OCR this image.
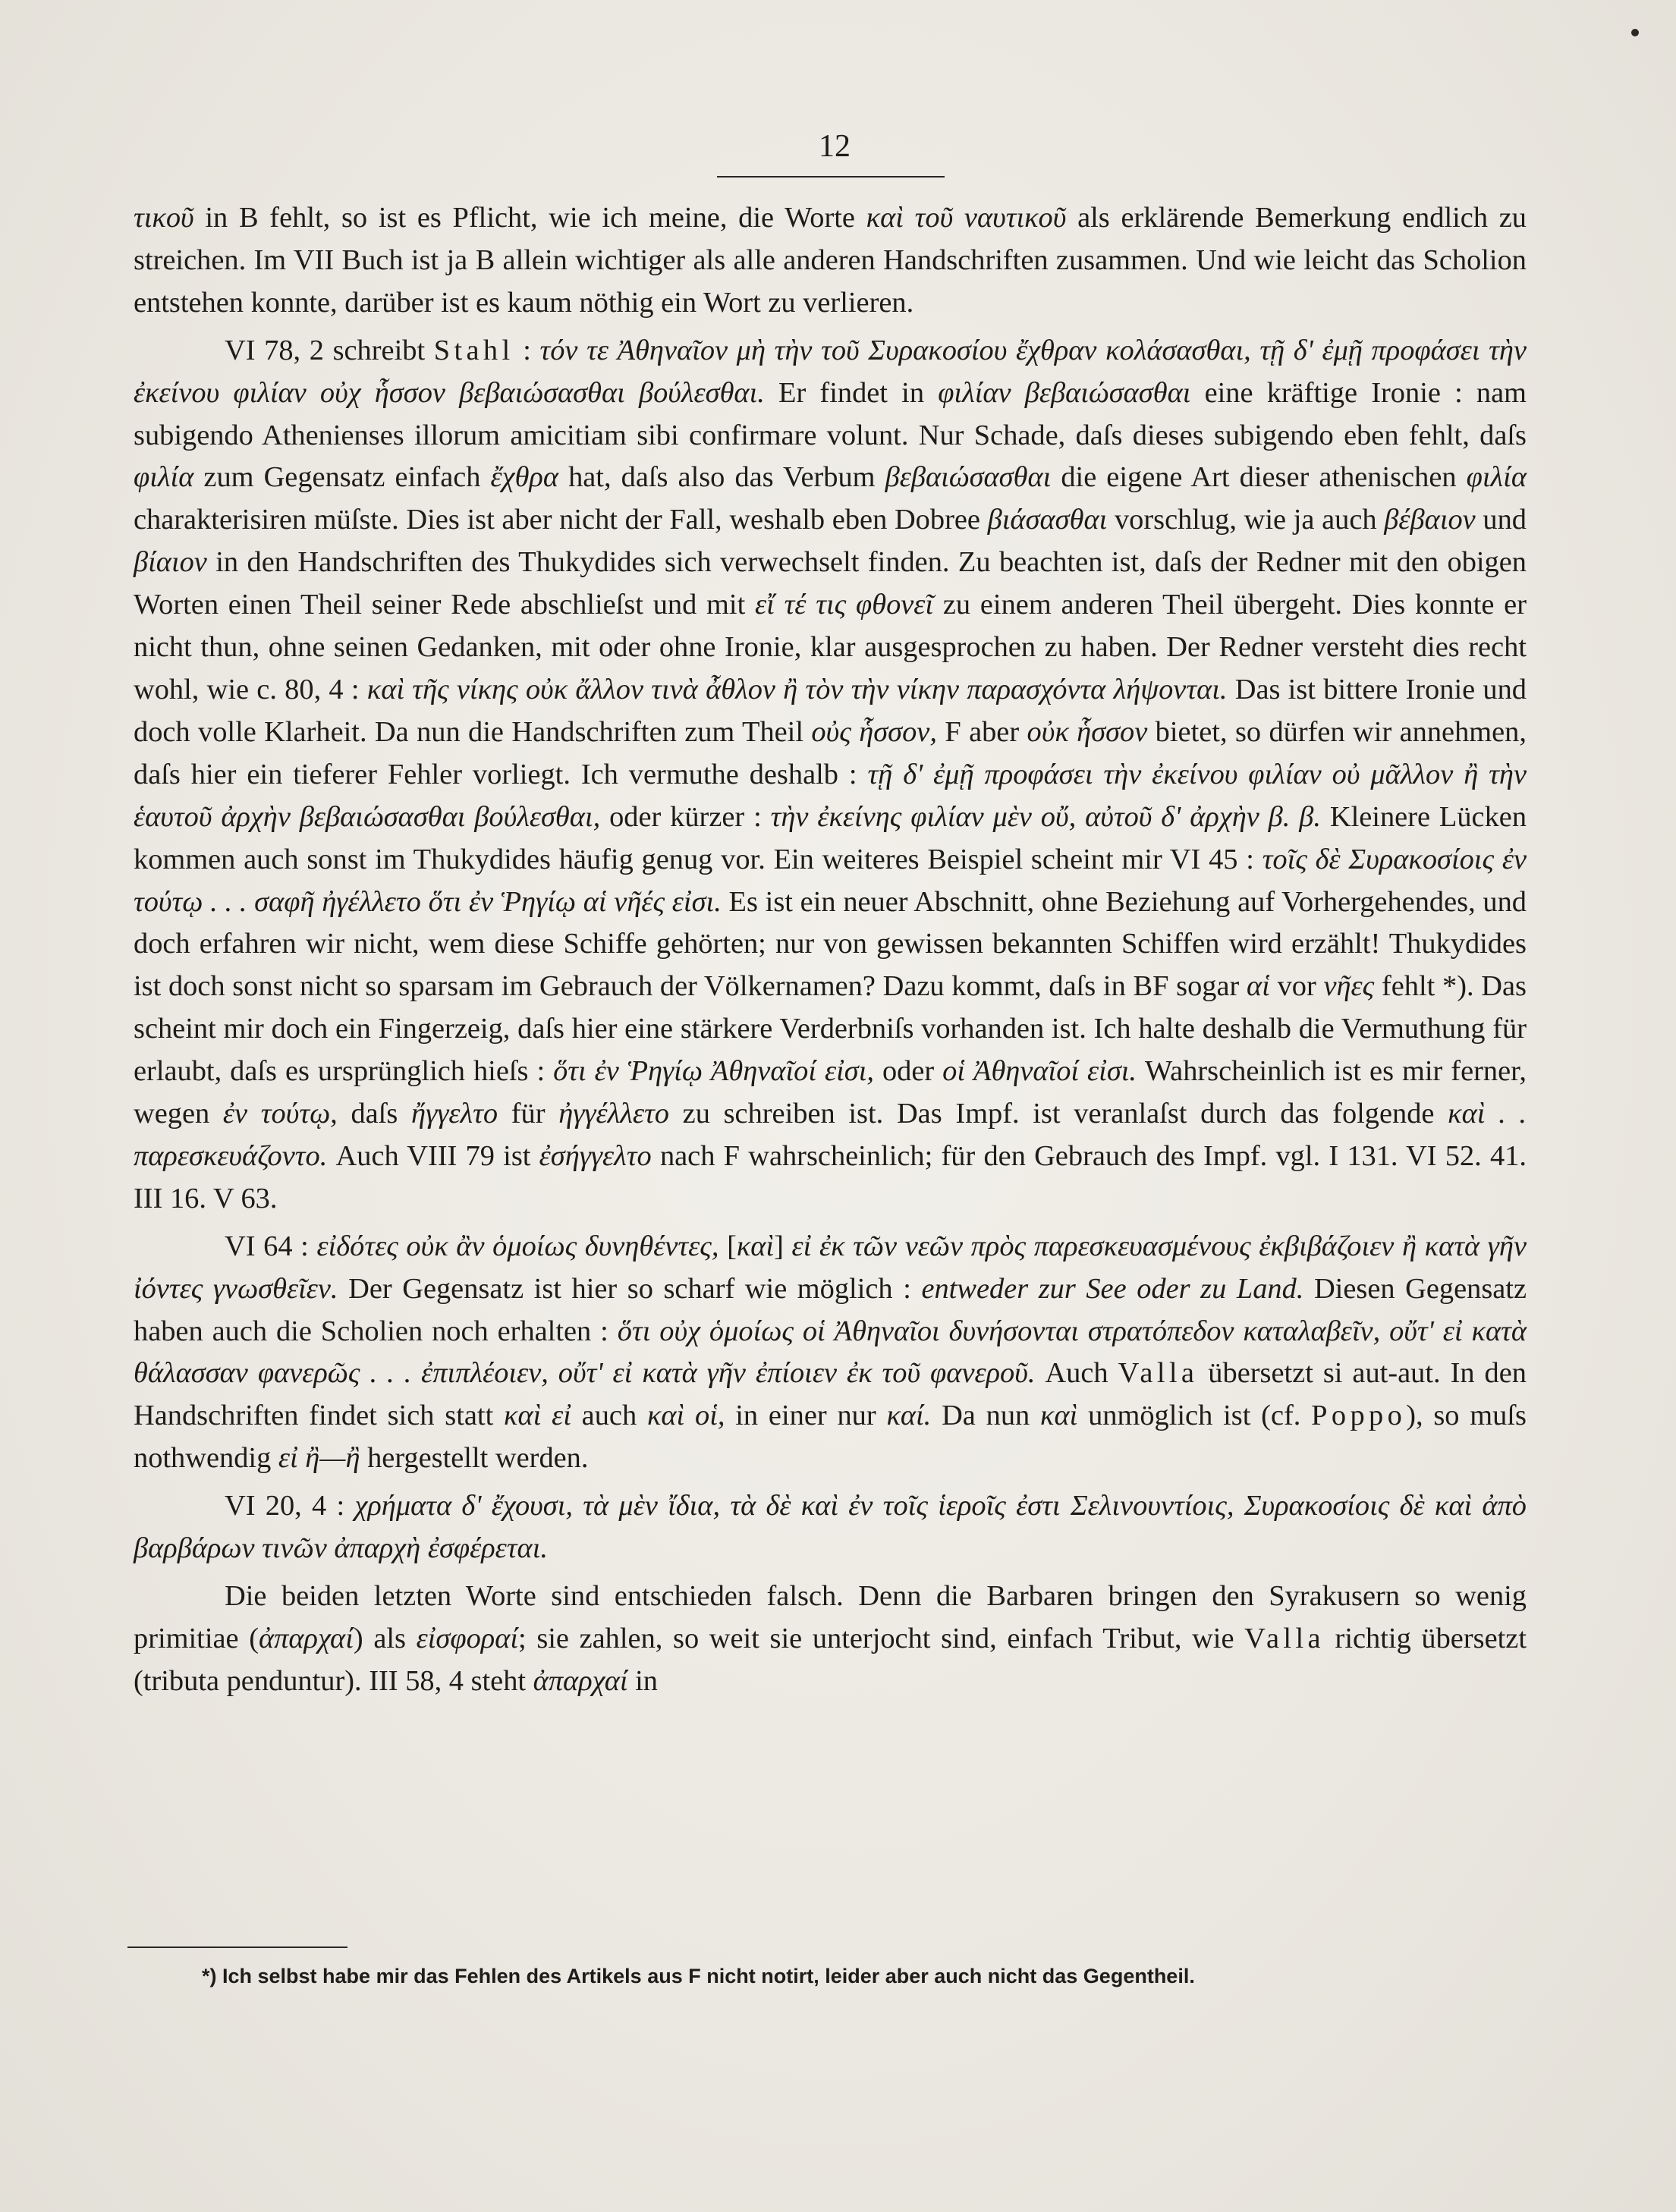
12

τικοῦ in B fehlt, so ist es Pflicht, wie ich meine, die Worte καὶ τοῦ ναυτικοῦ als erklärende Bemerkung endlich zu streichen. Im VII Buch ist ja B allein wichtiger als alle anderen Handschriften zusammen. Und wie leicht das Scholion entstehen konnte, darüber ist es kaum nöthig ein Wort zu verlieren.

VI 78, 2 schreibt Stahl : τόν τε Ἀθηναῖον μὴ τὴν τοῦ Συρακοσίου ἔχθραν κολάσασθαι, τῇ δ' ἐμῇ προφάσει τὴν ἐκείνου φιλίαν οὐχ ἧσσον βεβαιώσασθαι βούλεσθαι. Er findet in φιλίαν βεβαιώσασθαι eine kräftige Ironie : nam subigendo Athenienses illorum amicitiam sibi confirmare volunt. Nur Schade, daſs dieses subigendo eben fehlt, daſs φιλία zum Gegensatz einfach ἔχθρα hat, daſs also das Verbum βεβαιώσασθαι die eigene Art dieser athenischen φιλία charakterisiren müſste. Dies ist aber nicht der Fall, weshalb eben Dobree βιάσασθαι vorschlug, wie ja auch βέβαιον und βίαιον in den Handschriften des Thukydides sich verwechselt finden. Zu beachten ist, daſs der Redner mit den obigen Worten einen Theil seiner Rede abschlieſst und mit εἴ τέ τις φθονεῖ zu einem anderen Theil übergeht. Dies konnte er nicht thun, ohne seinen Gedanken, mit oder ohne Ironie, klar ausgesprochen zu haben. Der Redner versteht dies recht wohl, wie c. 80, 4 : καὶ τῆς νίκης οὐκ ἄλλον τινὰ ἆθλον ἢ τὸν τὴν νίκην παρασχόντα λήψονται. Das ist bittere Ironie und doch volle Klarheit. Da nun die Handschriften zum Theil οὐς ἧσσον, F aber οὐκ ἧσσον bietet, so dürfen wir annehmen, daſs hier ein tieferer Fehler vorliegt. Ich vermuthe deshalb : τῇ δ' ἐμῇ προφάσει τὴν ἐκείνου φιλίαν οὐ μᾶλλον ἢ τὴν ἑαυτοῦ ἀρχὴν βεβαιώσασθαι βούλεσθαι, oder kürzer : τὴν ἐκείνης φιλίαν μὲν οὔ, αὐτοῦ δ' ἀρχὴν β. β. Kleinere Lücken kommen auch sonst im Thukydides häufig genug vor. Ein weiteres Beispiel scheint mir VI 45 : τοῖς δὲ Συρακοσίοις ἐν τούτῳ . . . σαφῆ ἠγέλλετο ὅτι ἐν Ῥηγίῳ αἱ νῆές εἰσι. Es ist ein neuer Abschnitt, ohne Beziehung auf Vorhergehendes, und doch erfahren wir nicht, wem diese Schiffe gehörten; nur von gewissen bekannten Schiffen wird erzählt! Thukydides ist doch sonst nicht so sparsam im Gebrauch der Völkernamen? Dazu kommt, daſs in BF sogar αἱ vor νῆες fehlt *). Das scheint mir doch ein Fingerzeig, daſs hier eine stärkere Verderbniſs vorhanden ist. Ich halte deshalb die Vermuthung für erlaubt, daſs es ursprünglich hieſs : ὅτι ἐν Ῥηγίῳ Ἀθηναῖοί εἰσι, oder οἱ Ἀθηναῖοί εἰσι. Wahrscheinlich ist es mir ferner, wegen ἐν τούτῳ, daſs ἤγγελτο für ἠγγέλλετο zu schreiben ist. Das Impf. ist veranlaſst durch das folgende καὶ . . παρεσκευάζοντο. Auch VIII 79 ist ἐσήγγελτο nach F wahrscheinlich; für den Gebrauch des Impf. vgl. I 131. VI 52. 41. III 16. V 63.

VI 64 : εἰδότες οὐκ ἂν ὁμοίως δυνηθέντες, [καὶ] εἰ ἐκ τῶν νεῶν πρὸς παρεσκευασμένους ἐκβιβάζοιεν ἢ κατὰ γῆν ἰόντες γνωσθεῖεν. Der Gegensatz ist hier so scharf wie möglich : entweder zur See oder zu Land. Diesen Gegensatz haben auch die Scholien noch erhalten : ὅτι οὐχ ὁμοίως οἱ Ἀθηναῖοι δυνήσονται στρατόπεδον καταλαβεῖν, οὔτ' εἰ κατὰ θάλασσαν φανερῶς . . . ἐπιπλέοιεν, οὔτ' εἰ κατὰ γῆν ἐπίοιεν ἐκ τοῦ φανεροῦ. Auch Valla übersetzt si aut-aut. In den Handschriften findet sich statt καὶ εἰ auch καὶ οἱ, in einer nur καί. Da nun καὶ unmöglich ist (cf. Poppo), so muſs nothwendig εἰ ἢ—ἢ hergestellt werden.

VI 20, 4 : χρήματα δ' ἔχουσι, τὰ μὲν ἴδια, τὰ δὲ καὶ ἐν τοῖς ἱεροῖς ἐστι Σελινουντίοις, Συρακοσίοις δὲ καὶ ἀπὸ βαρβάρων τινῶν ἀπαρχὴ ἐσφέρεται.

Die beiden letzten Worte sind entschieden falsch. Denn die Barbaren bringen den Syrakusern so wenig primitiae (ἀπαρχαί) als εἰσφοραί; sie zahlen, so weit sie unterjocht sind, einfach Tribut, wie Valla richtig übersetzt (tributa penduntur). III 58, 4 steht ἀπαρχαί in

*) Ich selbst habe mir das Fehlen des Artikels aus F nicht notirt, leider aber auch nicht das Gegentheil.
